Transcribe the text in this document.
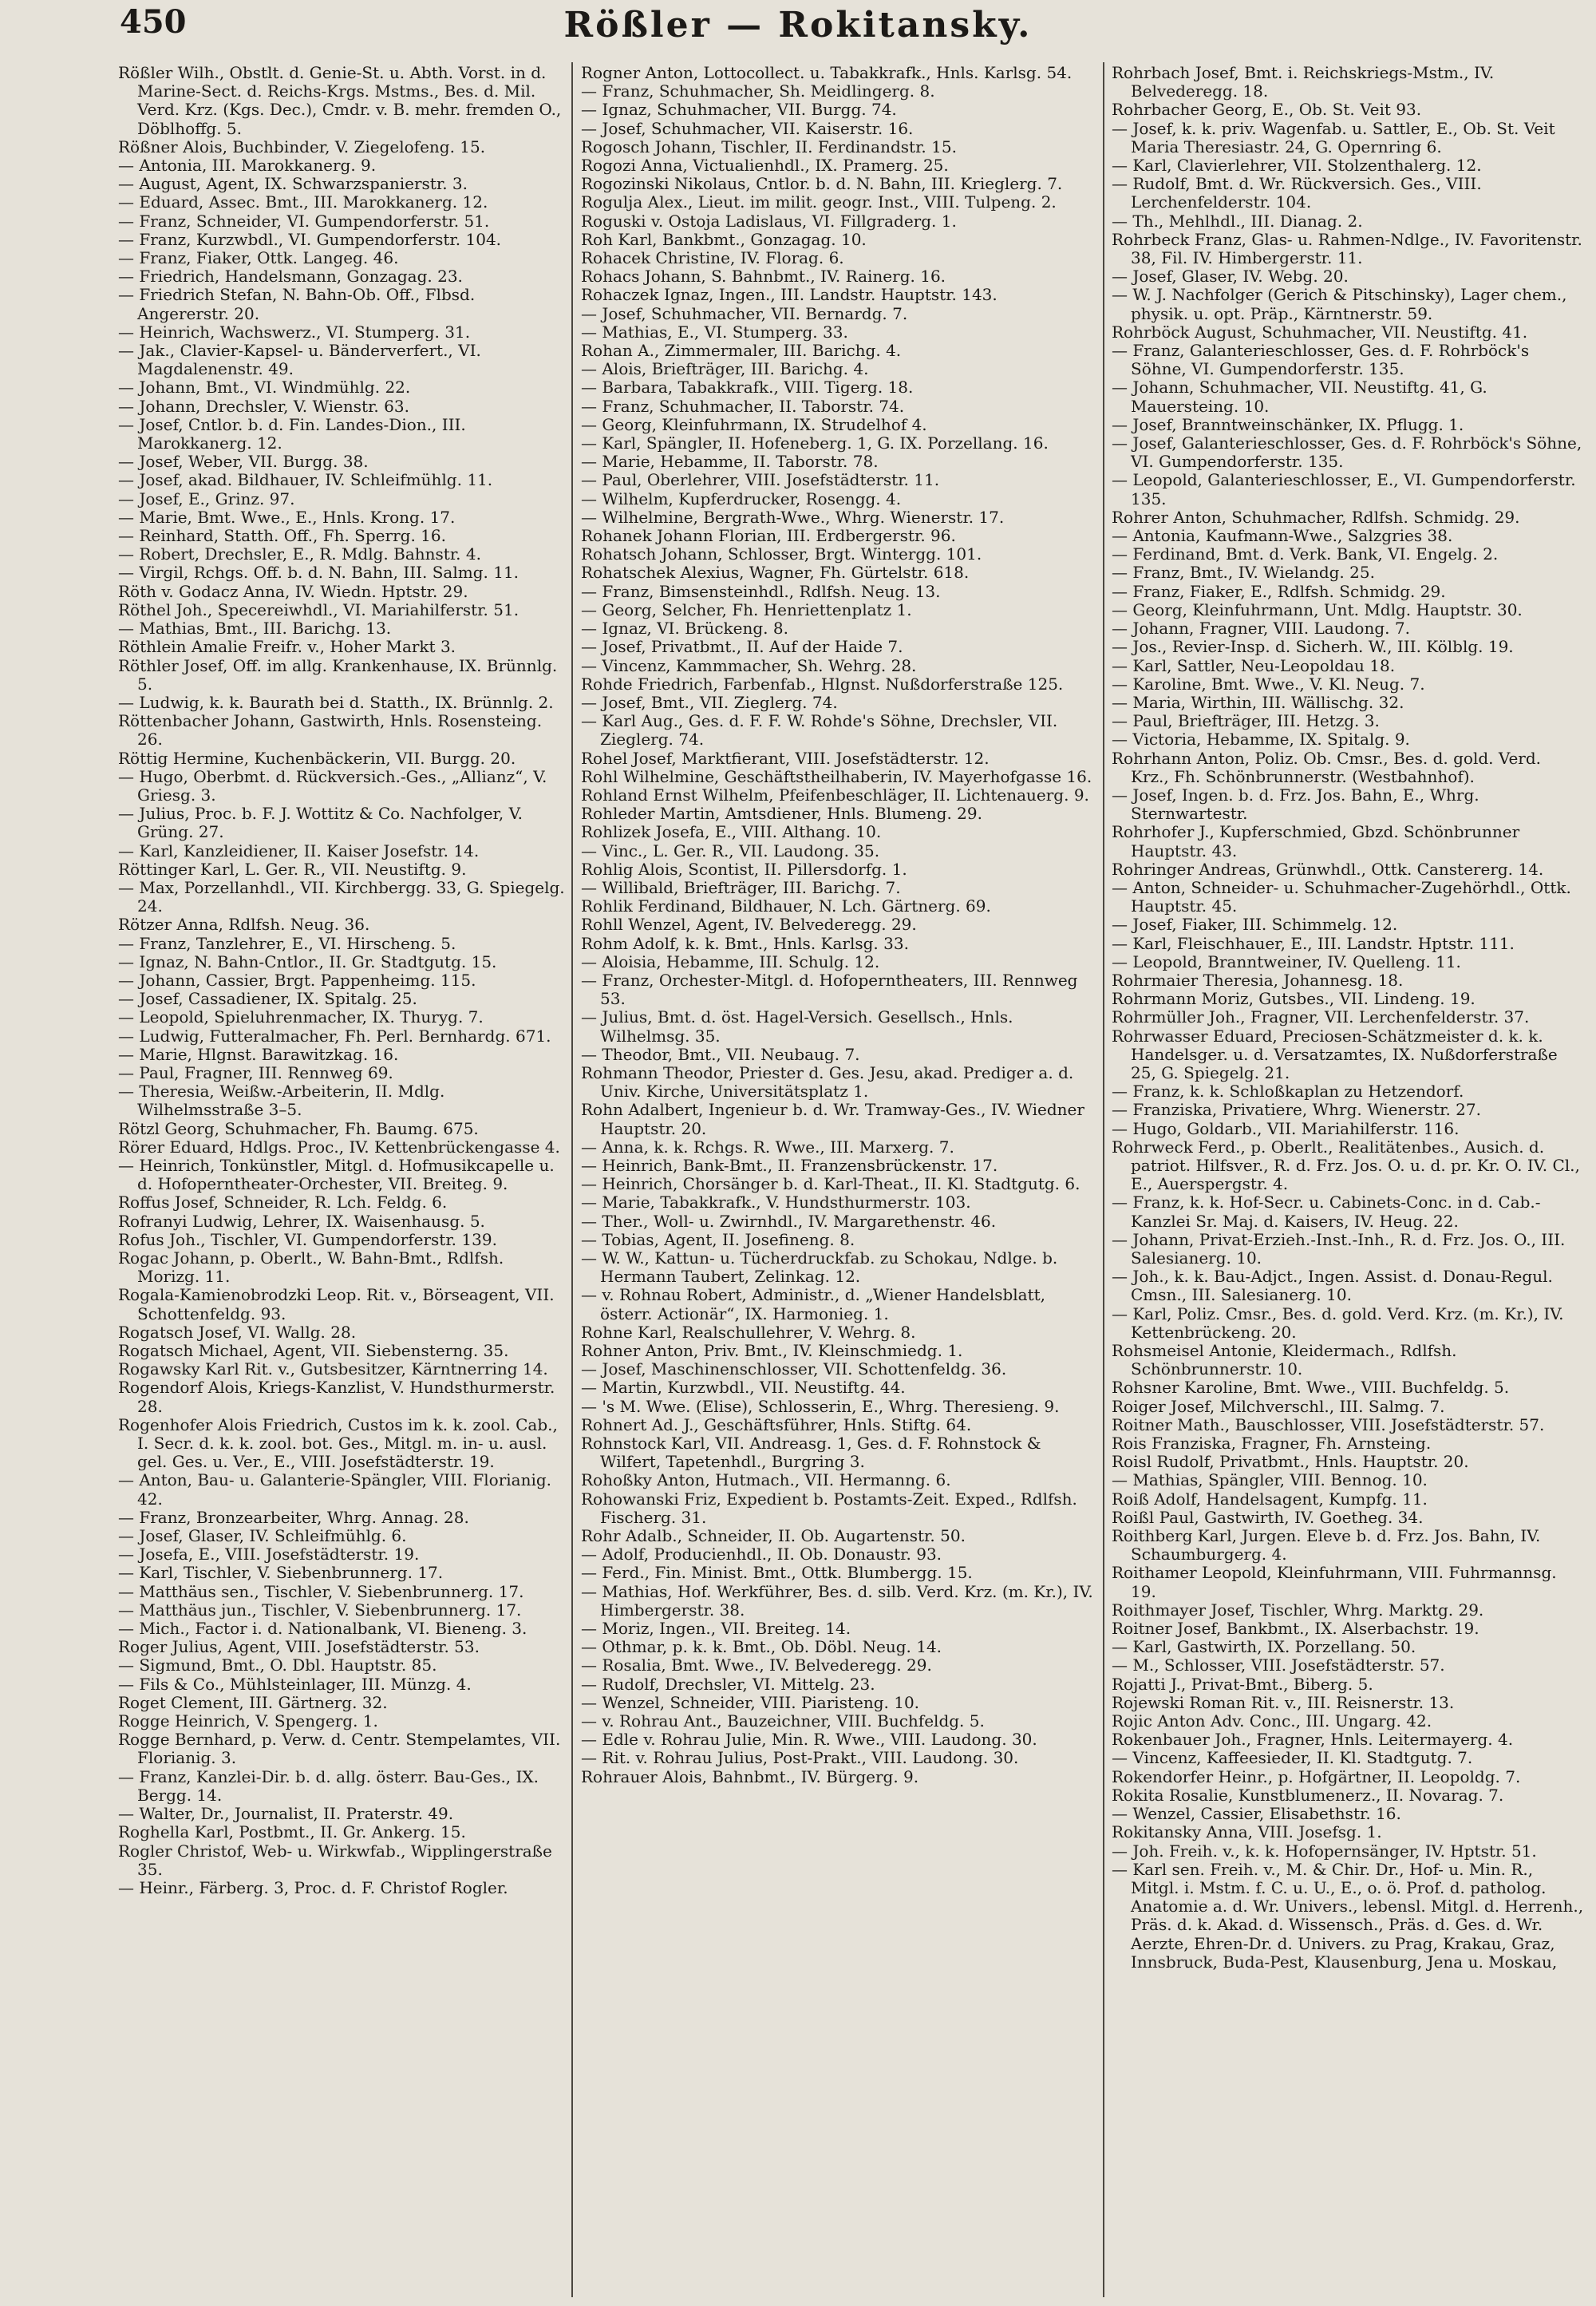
450	Rößler — Rokitansky.

Rößler Wilh., Obstlt. d. Genie-St. u. Abth. Vorst. in d. Marine-Sect. d. Reichs-Krgs. Mstms., Bes. d. Mil. Verd. Krz. (Kgs. Dec.), Cmdr. v. B. mehr. fremden O., Döblhoffg. 5.

Rößner Alois, Buchbinder, V. Ziegelofeng. 15.

— Antonia, III. Marokkanerg. 9.

— August, Agent, IX. Schwarzspanierstr. 3.

— Eduard, Assec. Bmt., III. Marokkanerg. 12.

— Franz, Schneider, VI. Gumpendorferstr. 51.

— Franz, Kurzwbdl., VI. Gumpendorferstr. 104.

— Franz, Fiaker, Ottk. Langeg. 46.

— Friedrich, Handelsmann, Gonzagag. 23.

— Friedrich Stefan, N. Bahn-Ob. Off., Flbsd. Angererstr. 20.

— Heinrich, Wachswerz., VI. Stumperg. 31.

— Jak., Clavier-Kapsel- u. Bänderverfert., VI. Magdalenenstr. 49.

— Johann, Bmt., VI. Windmühlg. 22.

— Johann, Drechsler, V. Wienstr. 63.

— Josef, Cntlor. b. d. Fin. Landes-Dion., III. Marokkanerg. 12.

— Josef, Weber, VII. Burgg. 38.

— Josef, akad. Bildhauer, IV. Schleifmühlg. 11.

— Josef, E., Grinz. 97.

— Marie, Bmt. Wwe., E., Hnls. Krong. 17.

— Reinhard, Statth. Off., Fh. Sperrg. 16.

— Robert, Drechsler, E., R. Mdlg. Bahnstr. 4.

— Virgil, Rchgs. Off. b. d. N. Bahn, III. Salmg. 11.

Röth v. Godacz Anna, IV. Wiedn. Hptstr. 29.

Röthel Joh., Specereiwhdl., VI. Mariahilferstr. 51.

— Mathias, Bmt., III. Barichg. 13.

Röthlein Amalie Freifr. v., Hoher Markt 3.

Röthler Josef, Off. im allg. Krankenhause, IX. Brünnlg. 5.

— Ludwig, k. k. Baurath bei d. Statth., IX. Brünnlg. 2.

Röttenbacher Johann, Gastwirth, Hnls. Rosensteing. 26.

Röttig Hermine, Kuchenbäckerin, VII. Burgg. 20.

— Hugo, Oberbmt. d. Rückversich.-Ges., „Allianz“, V. Griesg. 3.

— Julius, Proc. b. F. J. Wottitz & Co. Nachfolger, V. Grüng. 27.

— Karl, Kanzleidiener, II. Kaiser Josefstr. 14.

Röttinger Karl, L. Ger. R., VII. Neustiftg. 9.

— Max, Porzellanhdl., VII. Kirchbergg. 33, G. Spiegelg. 24.

Rötzer Anna, Rdlfsh. Neug. 36.

— Franz, Tanzlehrer, E., VI. Hirscheng. 5.

— Ignaz, N. Bahn-Cntlor., II. Gr. Stadtgutg. 15.

— Johann, Cassier, Brgt. Pappenheimg. 115.

— Josef, Cassadiener, IX. Spitalg. 25.

— Leopold, Spieluhrenmacher, IX. Thuryg. 7.

— Ludwig, Futteralmacher, Fh. Perl. Bernhardg. 671.

— Marie, Hlgnst. Barawitzkag. 16.

— Paul, Fragner, III. Rennweg 69.

— Theresia, Weißw.-Arbeiterin, II. Mdlg. Wilhelmsstraße 3–5.

Rötzl Georg, Schuhmacher, Fh. Baumg. 675.

Rörer Eduard, Hdlgs. Proc., IV. Kettenbrückengasse 4.

— Heinrich, Tonkünstler, Mitgl. d. Hofmusikcapelle u. d. Hofoperntheater-Orchester, VII. Breiteg. 9.

Roffus Josef, Schneider, R. Lch. Feldg. 6.

Rofranyi Ludwig, Lehrer, IX. Waisenhausg. 5.

Rofus Joh., Tischler, VI. Gumpendorferstr. 139.

Rogac Johann, p. Oberlt., W. Bahn-Bmt., Rdlfsh. Morizg. 11.

Rogala-Kamienobrodzki Leop. Rit. v., Börseagent, VII. Schottenfeldg. 93.

Rogatsch Josef, VI. Wallg. 28.

Rogatsch Michael, Agent, VII. Siebensterng. 35.

Rogawsky Karl Rit. v., Gutsbesitzer, Kärntnerring 14.

Rogendorf Alois, Kriegs-Kanzlist, V. Hundsthurmerstr. 28.

Rogenhofer Alois Friedrich, Custos im k. k. zool. Cab., I. Secr. d. k. k. zool. bot. Ges., Mitgl. m. in- u. ausl. gel. Ges. u. Ver., E., VIII. Josefstädterstr. 19.

— Anton, Bau- u. Galanterie-Spängler, VIII. Florianig. 42.

— Franz, Bronzearbeiter, Whrg. Annag. 28.

— Josef, Glaser, IV. Schleifmühlg. 6.

— Josefa, E., VIII. Josefstädterstr. 19.

— Karl, Tischler, V. Siebenbrunnerg. 17.

— Matthäus sen., Tischler, V. Siebenbrunnerg. 17.

— Matthäus jun., Tischler, V. Siebenbrunnerg. 17.

— Mich., Factor i. d. Nationalbank, VI. Bieneng. 3.

Roger Julius, Agent, VIII. Josefstädterstr. 53.

— Sigmund, Bmt., O. Dbl. Hauptstr. 85.

— Fils & Co., Mühlsteinlager, III. Münzg. 4.

Roget Clement, III. Gärtnerg. 32.

Rogge Heinrich, V. Spengerg. 1.

Rogge Bernhard, p. Verw. d. Centr. Stempelamtes, VII. Florianig. 3.

— Franz, Kanzlei-Dir. b. d. allg. österr. Bau-Ges., IX. Bergg. 14.

— Walter, Dr., Journalist, II. Praterstr. 49.

Roghella Karl, Postbmt., II. Gr. Ankerg. 15.

Rogler Christof, Web- u. Wirkwfab., Wipplingerstraße 35.

— Heinr., Färberg. 3, Proc. d. F. Christof Rogler.

Rogner Anton, Lottocollect. u. Tabakkrafk., Hnls. Karlsg. 54.

— Franz, Schuhmacher, Sh. Meidlingerg. 8.

— Ignaz, Schuhmacher, VII. Burgg. 74.

— Josef, Schuhmacher, VII. Kaiserstr. 16.

Rogosch Johann, Tischler, II. Ferdinandstr. 15.

Rogozi Anna, Victualienhdl., IX. Pramerg. 25.

Rogozinski Nikolaus, Cntlor. b. d. N. Bahn, III. Krieglerg. 7.

Rogulja Alex., Lieut. im milit. geogr. Inst., VIII. Tulpeng. 2.

Roguski v. Ostoja Ladislaus, VI. Fillgraderg. 1.

Roh Karl, Bankbmt., Gonzagag. 10.

Rohacek Christine, IV. Florag. 6.

Rohacs Johann, S. Bahnbmt., IV. Rainerg. 16.

Rohaczek Ignaz, Ingen., III. Landstr. Hauptstr. 143.

— Josef, Schuhmacher, VII. Bernardg. 7.

— Mathias, E., VI. Stumperg. 33.

Rohan A., Zimmermaler, III. Barichg. 4.

— Alois, Briefträger, III. Barichg. 4.

— Barbara, Tabakkrafk., VIII. Tigerg. 18.

— Franz, Schuhmacher, II. Taborstr. 74.

— Georg, Kleinfuhrmann, IX. Strudelhof 4.

— Karl, Spängler, II. Hofeneberg. 1, G. IX. Porzellang. 16.

— Marie, Hebamme, II. Taborstr. 78.

— Paul, Oberlehrer, VIII. Josefstädterstr. 11.

— Wilhelm, Kupferdrucker, Rosengg. 4.

— Wilhelmine, Bergrath-Wwe., Whrg. Wienerstr. 17.

Rohanek Johann Florian, III. Erdbergerstr. 96.

Rohatsch Johann, Schlosser, Brgt. Wintergg. 101.

Rohatschek Alexius, Wagner, Fh. Gürtelstr. 618.

— Franz, Bimsensteinhdl., Rdlfsh. Neug. 13.

— Georg, Selcher, Fh. Henriettenplatz 1.

— Ignaz, VI. Brückeng. 8.

— Josef, Privatbmt., II. Auf der Haide 7.

— Vincenz, Kammmacher, Sh. Wehrg. 28.

Rohde Friedrich, Farbenfab., Hlgnst. Nußdorferstraße 125.

— Josef, Bmt., VII. Zieglerg. 74.

— Karl Aug., Ges. d. F. F. W. Rohde's Söhne, Drechsler, VII. Zieglerg. 74.

Rohel Josef, Marktfierant, VIII. Josefstädterstr. 12.

Rohl Wilhelmine, Geschäftstheilhaberin, IV. Mayerhofgasse 16.

Rohland Ernst Wilhelm, Pfeifenbeschläger, II. Lichtenauerg. 9.

Rohleder Martin, Amtsdiener, Hnls. Blumeng. 29.

Rohlizek Josefa, E., VIII. Althang. 10.

— Vinc., L. Ger. R., VII. Laudong. 35.

Rohlig Alois, Scontist, II. Pillersdorfg. 1.

— Willibald, Briefträger, III. Barichg. 7.

Rohlik Ferdinand, Bildhauer, N. Lch. Gärtnerg. 69.

Rohll Wenzel, Agent, IV. Belvederegg. 29.

Rohm Adolf, k. k. Bmt., Hnls. Karlsg. 33.

— Aloisia, Hebamme, III. Schulg. 12.

— Franz, Orchester-Mitgl. d. Hofoperntheaters, III. Rennweg 53.

— Julius, Bmt. d. öst. Hagel-Versich. Gesellsch., Hnls. Wilhelmsg. 35.

— Theodor, Bmt., VII. Neubaug. 7.

Rohmann Theodor, Priester d. Ges. Jesu, akad. Prediger a. d. Univ. Kirche, Universitätsplatz 1.

Rohn Adalbert, Ingenieur b. d. Wr. Tramway-Ges., IV. Wiedner Hauptstr. 20.

— Anna, k. k. Rchgs. R. Wwe., III. Marxerg. 7.

— Heinrich, Bank-Bmt., II. Franzensbrückenstr. 17.

— Heinrich, Chorsänger b. d. Karl-Theat., II. Kl. Stadtgutg. 6.

— Marie, Tabakkrafk., V. Hundsthurmerstr. 103.

— Ther., Woll- u. Zwirnhdl., IV. Margarethenstr. 46.

— Tobias, Agent, II. Josefineng. 8.

— W. W., Kattun- u. Tücherdruckfab. zu Schokau, Ndlge. b. Hermann Taubert, Zelinkag. 12.

— v. Rohnau Robert, Administr., d. „Wiener Handelsblatt, österr. Actionär“, IX. Harmonieg. 1.

Rohne Karl, Realschullehrer, V. Wehrg. 8.

Rohner Anton, Priv. Bmt., IV. Kleinschmiedg. 1.

— Josef, Maschinenschlosser, VII. Schottenfeldg. 36.

— Martin, Kurzwbdl., VII. Neustiftg. 44.

— 's M. Wwe. (Elise), Schlosserin, E., Whrg. Theresieng. 9.

Rohnert Ad. J., Geschäftsführer, Hnls. Stiftg. 64.

Rohnstock Karl, VII. Andreasg. 1, Ges. d. F. Rohnstock & Wilfert, Tapetenhdl., Burgring 3.

Rohoßky Anton, Hutmach., VII. Hermanng. 6.

Rohowanski Friz, Expedient b. Postamts-Zeit. Exped., Rdlfsh. Fischerg. 31.

Rohr Adalb., Schneider, II. Ob. Augartenstr. 50.

— Adolf, Producienhdl., II. Ob. Donaustr. 93.

— Ferd., Fin. Minist. Bmt., Ottk. Blumbergg. 15.

— Mathias, Hof. Werkführer, Bes. d. silb. Verd. Krz. (m. Kr.), IV. Himbergerstr. 38.

— Moriz, Ingen., VII. Breiteg. 14.

— Othmar, p. k. k. Bmt., Ob. Döbl. Neug. 14.

— Rosalia, Bmt. Wwe., IV. Belvederegg. 29.

— Rudolf, Drechsler, VI. Mittelg. 23.

— Wenzel, Schneider, VIII. Piaristeng. 10.

— v. Rohrau Ant., Bauzeichner, VIII. Buchfeldg. 5.

— Edle v. Rohrau Julie, Min. R. Wwe., VIII. Laudong. 30.

— Rit. v. Rohrau Julius, Post-Prakt., VIII. Laudong. 30.

Rohrauer Alois, Bahnbmt., IV. Bürgerg. 9.

Rohrbach Josef, Bmt. i. Reichskriegs-Mstm., IV. Belvederegg. 18.

Rohrbacher Georg, E., Ob. St. Veit 93.

— Josef, k. k. priv. Wagenfab. u. Sattler, E., Ob. St. Veit Maria Theresiastr. 24, G. Opernring 6.

— Karl, Clavierlehrer, VII. Stolzenthalerg. 12.

— Rudolf, Bmt. d. Wr. Rückversich. Ges., VIII. Lerchenfelderstr. 104.

— Th., Mehlhdl., III. Dianag. 2.

Rohrbeck Franz, Glas- u. Rahmen-Ndlge., IV. Favoritenstr. 38, Fil. IV. Himbergerstr. 11.

— Josef, Glaser, IV. Webg. 20.

— W. J. Nachfolger (Gerich & Pitschinsky), Lager chem., physik. u. opt. Präp., Kärntnerstr. 59.

Rohrböck August, Schuhmacher, VII. Neustiftg. 41.

— Franz, Galanterieschlosser, Ges. d. F. Rohrböck's Söhne, VI. Gumpendorferstr. 135.

— Johann, Schuhmacher, VII. Neustiftg. 41, G. Mauersteing. 10.

— Josef, Branntweinschänker, IX. Pflugg. 1.

— Josef, Galanterieschlosser, Ges. d. F. Rohrböck's Söhne, VI. Gumpendorferstr. 135.

— Leopold, Galanterieschlosser, E., VI. Gumpendorferstr. 135.

Rohrer Anton, Schuhmacher, Rdlfsh. Schmidg. 29.

— Antonia, Kaufmann-Wwe., Salzgries 38.

— Ferdinand, Bmt. d. Verk. Bank, VI. Engelg. 2.

— Franz, Bmt., IV. Wielandg. 25.

— Franz, Fiaker, E., Rdlfsh. Schmidg. 29.

— Georg, Kleinfuhrmann, Unt. Mdlg. Hauptstr. 30.

— Johann, Fragner, VIII. Laudong. 7.

— Jos., Revier-Insp. d. Sicherh. W., III. Kölblg. 19.

— Karl, Sattler, Neu-Leopoldau 18.

— Karoline, Bmt. Wwe., V. Kl. Neug. 7.

— Maria, Wirthin, III. Wällischg. 32.

— Paul, Briefträger, III. Hetzg. 3.

— Victoria, Hebamme, IX. Spitalg. 9.

Rohrhann Anton, Poliz. Ob. Cmsr., Bes. d. gold. Verd. Krz., Fh. Schönbrunnerstr. (Westbahnhof).

— Josef, Ingen. b. d. Frz. Jos. Bahn, E., Whrg. Sternwartestr.

Rohrhofer J., Kupferschmied, Gbzd. Schönbrunner Hauptstr. 43.

Rohringer Andreas, Grünwhdl., Ottk. Canstererg. 14.

— Anton, Schneider- u. Schuhmacher-Zugehörhdl., Ottk. Hauptstr. 45.

— Josef, Fiaker, III. Schimmelg. 12.

— Karl, Fleischhauer, E., III. Landstr. Hptstr. 111.

— Leopold, Branntweiner, IV. Quelleng. 11.

Rohrmaier Theresia, Johannesg. 18.

Rohrmann Moriz, Gutsbes., VII. Lindeng. 19.

Rohrmüller Joh., Fragner, VII. Lerchenfelderstr. 37.

Rohrwasser Eduard, Preciosen-Schätzmeister d. k. k. Handelsger. u. d. Versatzamtes, IX. Nußdorferstraße 25, G. Spiegelg. 21.

— Franz, k. k. Schloßkaplan zu Hetzendorf.

— Franziska, Privatiere, Whrg. Wienerstr. 27.

— Hugo, Goldarb., VII. Mariahilferstr. 116.

Rohrweck Ferd., p. Oberlt., Realitätenbes., Ausich. d. patriot. Hilfsver., R. d. Frz. Jos. O. u. d. pr. Kr. O. IV. Cl., E., Auerspergstr. 4.

— Franz, k. k. Hof-Secr. u. Cabinets-Conc. in d. Cab.-Kanzlei Sr. Maj. d. Kaisers, IV. Heug. 22.

— Johann, Privat-Erzieh.-Inst.-Inh., R. d. Frz. Jos. O., III. Salesianerg. 10.

— Joh., k. k. Bau-Adjct., Ingen. Assist. d. Donau-Regul. Cmsn., III. Salesianerg. 10.

— Karl, Poliz. Cmsr., Bes. d. gold. Verd. Krz. (m. Kr.), IV. Kettenbrückeng. 20.

Rohsmeisel Antonie, Kleidermach., Rdlfsh. Schönbrunnerstr. 10.

Rohsner Karoline, Bmt. Wwe., VIII. Buchfeldg. 5.

Roiger Josef, Milchverschl., III. Salmg. 7.

Roitner Math., Bauschlosser, VIII. Josefstädterstr. 57.

Rois Franziska, Fragner, Fh. Arnsteing.

Roisl Rudolf, Privatbmt., Hnls. Hauptstr. 20.

— Mathias, Spängler, VIII. Bennog. 10.

Roiß Adolf, Handelsagent, Kumpfg. 11.

Roißl Paul, Gastwirth, IV. Goetheg. 34.

Roithberg Karl, Jurgen. Eleve b. d. Frz. Jos. Bahn, IV. Schaumburgerg. 4.

Roithamer Leopold, Kleinfuhrmann, VIII. Fuhrmannsg. 19.

Roithmayer Josef, Tischler, Whrg. Marktg. 29.

Roitner Josef, Bankbmt., IX. Alserbachstr. 19.

— Karl, Gastwirth, IX. Porzellang. 50.

— M., Schlosser, VIII. Josefstädterstr. 57.

Rojatti J., Privat-Bmt., Biberg. 5.

Rojewski Roman Rit. v., III. Reisnerstr. 13.

Rojic Anton Adv. Conc., III. Ungarg. 42.

Rokenbauer Joh., Fragner, Hnls. Leitermayerg. 4.

— Vincenz, Kaffeesieder, II. Kl. Stadtgutg. 7.

Rokendorfer Heinr., p. Hofgärtner, II. Leopoldg. 7.

Rokita Rosalie, Kunstblumenerz., II. Novarag. 7.

— Wenzel, Cassier, Elisabethstr. 16.

Rokitansky Anna, VIII. Josefsg. 1.

— Joh. Freih. v., k. k. Hofopernsänger, IV. Hptstr. 51.

— Karl sen. Freih. v., M. & Chir. Dr., Hof- u. Min. R., Mitgl. i. Mstm. f. C. u. U., E., o. ö. Prof. d. patholog. Anatomie a. d. Wr. Univers., lebensl. Mitgl. d. Herrenh., Präs. d. k. Akad. d. Wissensch., Präs. d. Ges. d. Wr. Aerzte, Ehren-Dr. d. Univers. zu Prag, Krakau, Graz, Innsbruck, Buda-Pest, Klausenburg, Jena u. Moskau,
